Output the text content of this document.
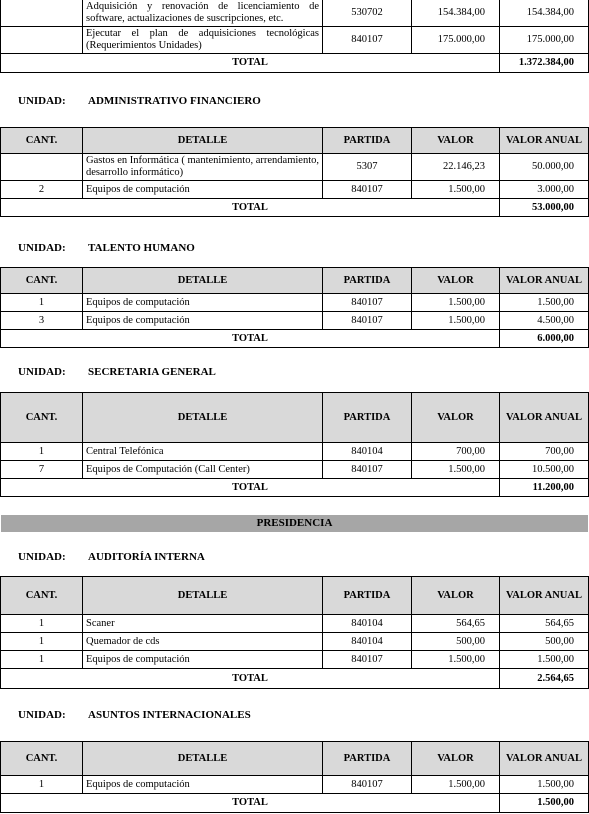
	Adquisición y renovación de licenciamiento de software, actualizaciones de suscripciones, etc.	530702	154.384,00	154.384,00
	Ejecutar el plan de adquisiciones tecnológicas (Requerimientos Unidades)	840107	175.000,00	175.000,00
TOTAL				1.372.384,00
UNIDAD: ADMINISTRATIVO FINANCIERO
CANT.	DETALLE	PARTIDA	VALOR	VALOR ANUAL
	Gastos en Informática ( mantenimiento, arrendamiento, desarrollo informático)	5307	22.146,23	50.000,00
2	Equipos de computación	840107	1.500,00	3.000,00
TOTAL				53.000,00
UNIDAD: TALENTO HUMANO
CANT.	DETALLE	PARTIDA	VALOR	VALOR ANUAL
1	Equipos de computación	840107	1.500,00	1.500,00
3	Equipos de computación	840107	1.500,00	4.500,00
TOTAL				6.000,00
UNIDAD: SECRETARIA GENERAL
CANT.	DETALLE	PARTIDA	VALOR	VALOR ANUAL
1	Central Telefónica	840104	700,00	700,00
7	Equipos de Computación (Call Center)	840107	1.500,00	10.500,00
TOTAL				11.200,00
PRESIDENCIA
UNIDAD: AUDITORÍA INTERNA
CANT.	DETALLE	PARTIDA	VALOR	VALOR ANUAL
1	Scaner	840104	564,65	564,65
1	Quemador de cds	840104	500,00	500,00
1	Equipos de computación	840107	1.500,00	1.500,00
TOTAL				2.564,65
UNIDAD: ASUNTOS INTERNACIONALES
CANT.	DETALLE	PARTIDA	VALOR	VALOR ANUAL
1	Equipos de computación	840107	1.500,00	1.500,00
TOTAL				1.500,00
